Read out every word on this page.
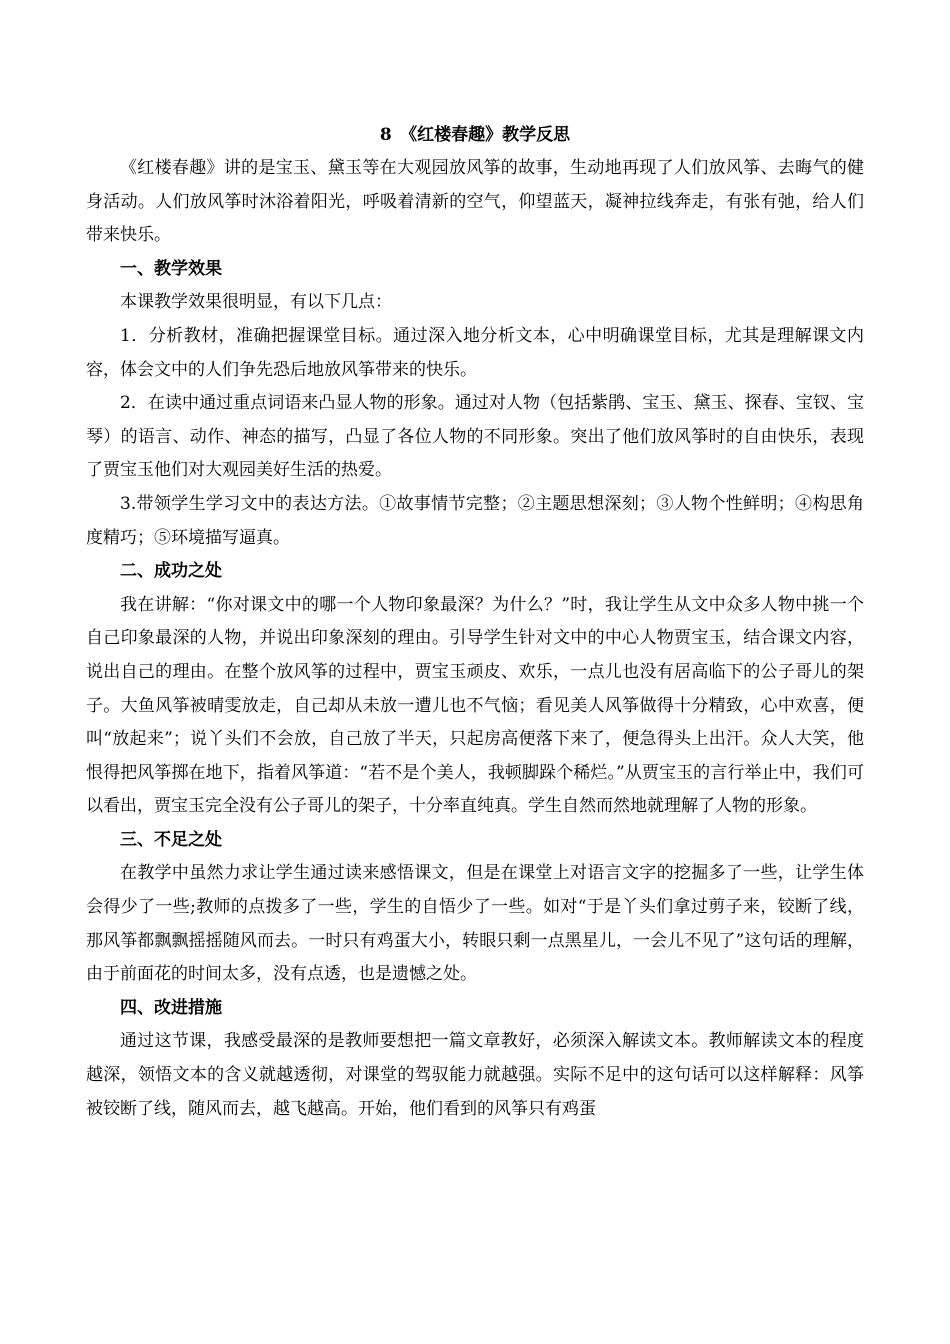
8　《红楼春趣》教学反思

《红楼春趣》讲的是宝玉、黛玉等在大观园放风筝的故事，生动地再现了人们放风筝、去晦气的健身活动。人们放风筝时沐浴着阳光，呼吸着清新的空气，仰望蓝天，凝神拉线奔走，有张有弛，给人们带来快乐。

一、教学效果

本课教学效果很明显，有以下几点：

1．分析教材，准确把握课堂目标。通过深入地分析文本，心中明确课堂目标，尤其是理解课文内容，体会文中的人们争先恐后地放风筝带来的快乐。

2．在读中通过重点词语来凸显人物的形象。通过对人物（包括紫鹃、宝玉、黛玉、探春、宝钗、宝琴）的语言、动作、神态的描写，凸显了各位人物的不同形象。突出了他们放风筝时的自由快乐，表现了贾宝玉他们对大观园美好生活的热爱。

3.带领学生学习文中的表达方法。①故事情节完整；②主题思想深刻；③人物个性鲜明；④构思角度精巧；⑤环境描写逼真。

二、成功之处

我在讲解：“你对课文中的哪一个人物印象最深？为什么？”时，我让学生从文中众多人物中挑一个自己印象最深的人物，并说出印象深刻的理由。引导学生针对文中的中心人物贾宝玉，结合课文内容，说出自己的理由。在整个放风筝的过程中，贾宝玉顽皮、欢乐，一点儿也没有居高临下的公子哥儿的架子。大鱼风筝被晴雯放走，自己却从未放一遭儿也不气恼；看见美人风筝做得十分精致，心中欢喜，便叫“放起来”；说丫头们不会放，自己放了半天，只起房高便落下来了，便急得头上出汗。众人大笑，他恨得把风筝掷在地下，指着风筝道：“若不是个美人，我顿脚跺个稀烂。”从贾宝玉的言行举止中，我们可以看出，贾宝玉完全没有公子哥儿的架子，十分率直纯真。学生自然而然地就理解了人物的形象。

三、不足之处

在教学中虽然力求让学生通过读来感悟课文，但是在课堂上对语言文字的挖掘多了一些，让学生体会得少了一些;教师的点拨多了一些，学生的自悟少了一些。如对“于是丫头们拿过剪子来，铰断了线，那风筝都飘飘摇摇随风而去。一时只有鸡蛋大小，转眼只剩一点黑星儿，一会儿不见了”这句话的理解，由于前面花的时间太多，没有点透，也是遗憾之处。

四、改进措施

通过这节课，我感受最深的是教师要想把一篇文章教好，必须深入解读文本。教师解读文本的程度越深，领悟文本的含义就越透彻，对课堂的驾驭能力就越强。实际不足中的这句话可以这样解释：风筝被铰断了线，随风而去，越飞越高。开始，他们看到的风筝只有鸡蛋
